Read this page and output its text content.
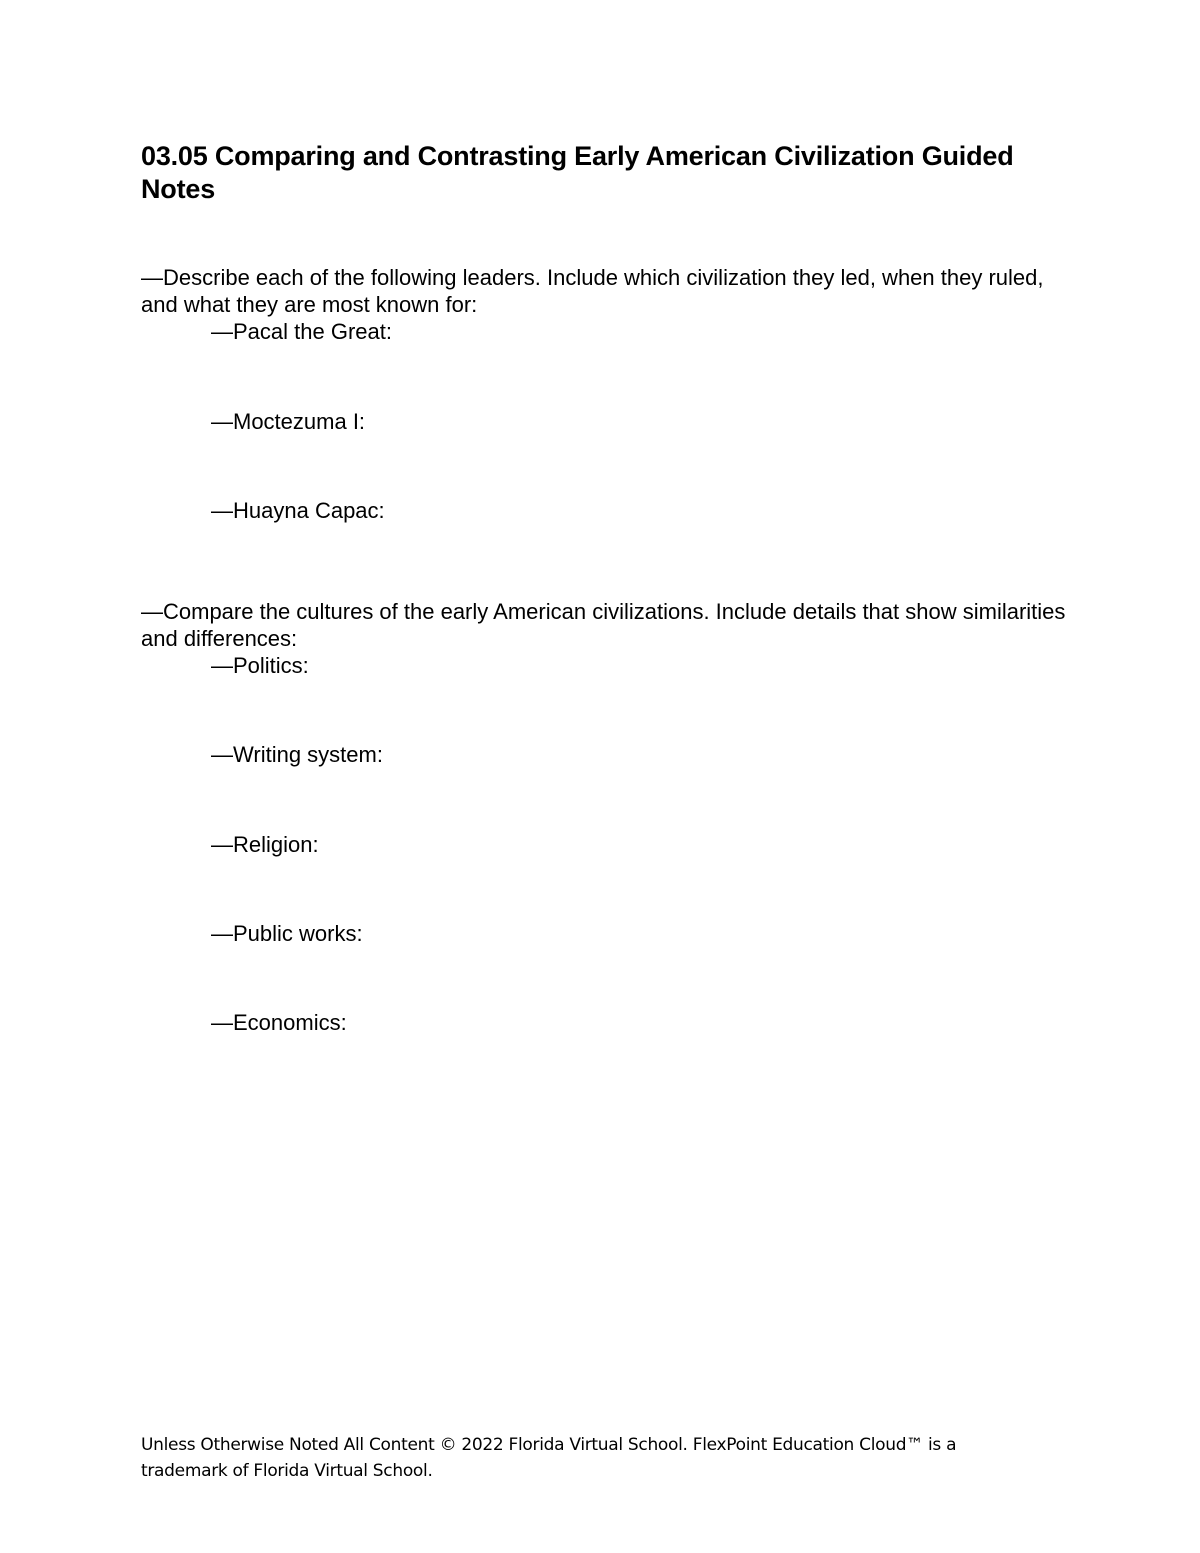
03.05 Comparing and Contrasting Early American Civilization Guided Notes

—Describe each of the following leaders. Include which civilization they led, when they ruled, and what they are most known for:

—Pacal the Great:

—Moctezuma I:

—Huayna Capac:

—Compare the cultures of the early American civilizations. Include details that show similarities and differences:

—Politics:

—Writing system:

—Religion:

—Public works:

—Economics:

Unless Otherwise Noted All Content © 2022 Florida Virtual School. FlexPoint Education Cloud™ is a trademark of Florida Virtual School.
